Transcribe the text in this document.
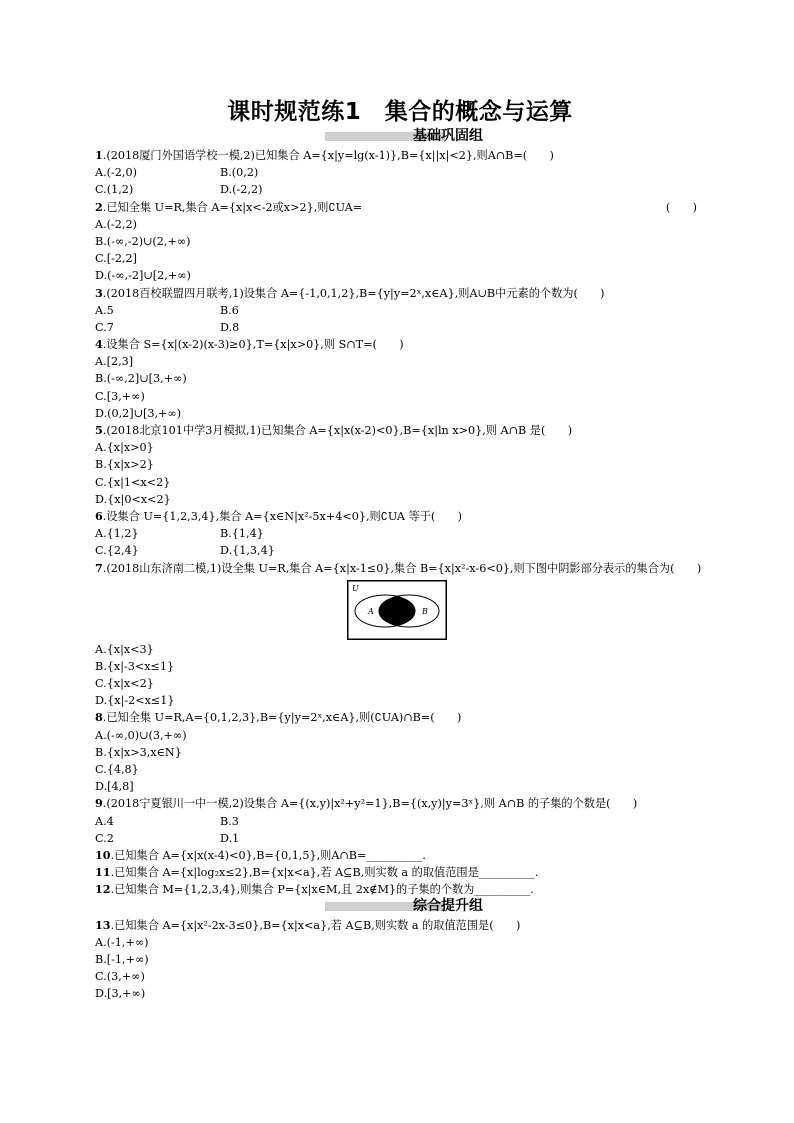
课时规范练1　集合的概念与运算
基础巩固组
1.(2018厦门外国语学校一模,2)已知集合 A={x|y=lg(x-1)},B={x||x|<2},则A∩B=(　　)
A.(-2,0)	B.(0,2)
C.(1,2)	D.(-2,2)
2.已知全集 U=R,集合 A={x|x<-2或x>2},则∁UA=	(　　)
A.(-2,2)
B.(-∞,-2)∪(2,+∞)
C.[-2,2]
D.(-∞,-2]∪[2,+∞)
3.(2018百校联盟四月联考,1)设集合 A={-1,0,1,2},B={y|y=2ˣ,x∈A},则A∪B中元素的个数为(　　)
A.5	B.6
C.7	D.8
4.设集合 S={x|(x-2)(x-3)≥0},T={x|x>0},则 S∩T=(　　)
A.[2,3]
B.(-∞,2]∪[3,+∞)
C.[3,+∞)
D.(0,2]∪[3,+∞)
5.(2018北京101中学3月模拟,1)已知集合 A={x|x(x-2)<0},B={x|ln x>0},则 A∩B 是(　　)
A.{x|x>0}
B.{x|x>2}
C.{x|1<x<2}
D.{x|0<x<2}
6.设集合 U={1,2,3,4},集合 A={x∈N|x²-5x+4<0},则∁UA 等于(　　)
A.{1,2}	B.{1,4}
C.{2,4}	D.{1,3,4}
7.(2018山东济南二模,1)设全集 U=R,集合 A={x|x-1≤0},集合 B={x|x²-x-6<0},则下图中阴影部分表示的集合为(　　)
U
A	B
A.{x|x<3}
B.{x|-3<x≤1}
C.{x|x<2}
D.{x|-2<x≤1}
8.已知全集 U=R,A={0,1,2,3},B={y|y=2ˣ,x∈A},则(∁UA)∩B=(　　)
A.(-∞,0)∪(3,+∞)
B.{x|x>3,x∈N}
C.{4,8}
D.[4,8]
9.(2018宁夏银川一中一模,2)设集合 A={(x,y)|x²+y²=1},B={(x,y)|y=3ˣ},则 A∩B 的子集的个数是(　　)
A.4	B.3
C.2	D.1
10.已知集合 A={x|x(x-4)<0},B={0,1,5},则A∩B=__________.
11.已知集合 A={x|log₂x≤2},B={x|x<a},若 A⊆B,则实数 a 的取值范围是__________.
12.已知集合 M={1,2,3,4},则集合 P={x|x∈M,且 2x∉M}的子集的个数为__________.
综合提升组
13.已知集合 A={x|x²-2x-3≤0},B={x|x<a},若 A⊆B,则实数 a 的取值范围是(　　)
A.(-1,+∞)
B.[-1,+∞)
C.(3,+∞)
D.[3,+∞)
